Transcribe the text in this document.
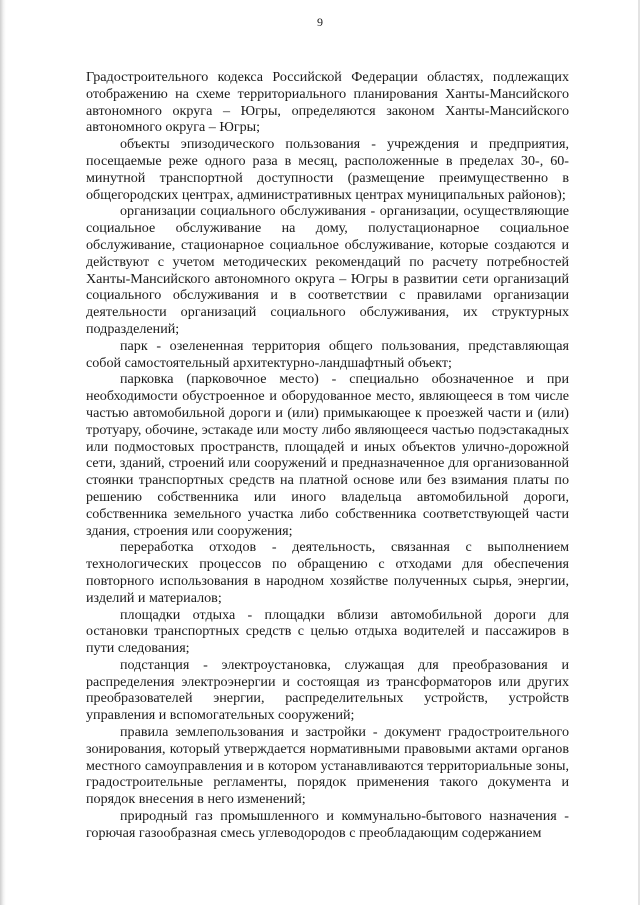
9

Градостроительного кодекса Российской Федерации областях, подлежащих отображению на схеме территориального планирования Ханты-Мансийского автономного округа – Югры, определяются законом Ханты-Мансийского автономного округа – Югры;

объекты эпизодического пользования - учреждения и предприятия, посещаемые реже одного раза в месяц, расположенные в пределах 30-, 60-минутной транспортной доступности (размещение преимущественно в общегородских центрах, административных центрах муниципальных районов);

организации социального обслуживания - организации, осуществляющие социальное обслуживание на дому, полустационарное социальное обслуживание, стационарное социальное обслуживание, которые создаются и действуют с учетом методических рекомендаций по расчету потребностей Ханты-Мансийского автономного округа – Югры в развитии сети организаций социального обслуживания и в соответствии с правилами организации деятельности организаций социального обслуживания, их структурных подразделений;

парк - озелененная территория общего пользования, представляющая собой самостоятельный архитектурно-ландшафтный объект;

парковка (парковочное место) - специально обозначенное и при необходимости обустроенное и оборудованное место, являющееся в том числе частью автомобильной дороги и (или) примыкающее к проезжей части и (или) тротуару, обочине, эстакаде или мосту либо являющееся частью подэстакадных или подмостовых пространств, площадей и иных объектов улично-дорожной сети, зданий, строений или сооружений и предназначенное для организованной стоянки транспортных средств на платной основе или без взимания платы по решению собственника или иного владельца автомобильной дороги, собственника земельного участка либо собственника соответствующей части здания, строения или сооружения;

переработка отходов - деятельность, связанная с выполнением технологических процессов по обращению с отходами для обеспечения повторного использования в народном хозяйстве полученных сырья, энергии, изделий и материалов;

площадки отдыха - площадки вблизи автомобильной дороги для остановки транспортных средств с целью отдыха водителей и пассажиров в пути следования;

подстанция - электроустановка, служащая для преобразования и распределения электроэнергии и состоящая из трансформаторов или других преобразователей энергии, распределительных устройств, устройств управления и вспомогательных сооружений;

правила землепользования и застройки - документ градостроительного зонирования, который утверждается нормативными правовыми актами органов местного самоуправления и в котором устанавливаются территориальные зоны, градостроительные регламенты, порядок применения такого документа и порядок внесения в него изменений;

природный газ промышленного и коммунально-бытового назначения - горючая газообразная смесь углеводородов с преобладающим содержанием
